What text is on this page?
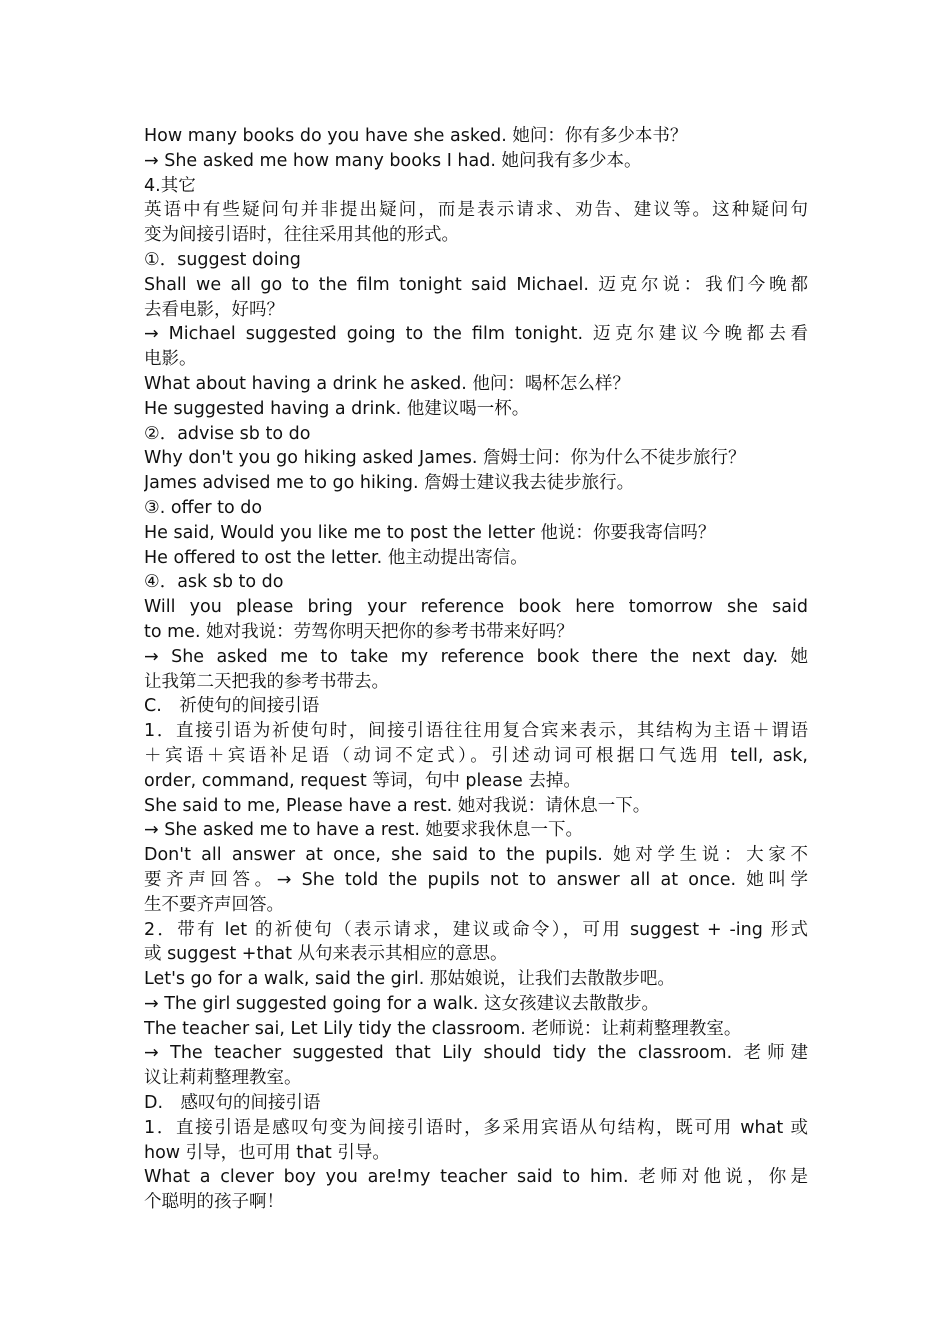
How many books do you have she asked. 她问：你有多少本书？
→ She asked me how many books I had. 她问我有多少本。
4.其它
英语中有些疑问句并非提出疑问，而是表示请求、劝告、建议等。这种疑问句
变为间接引语时，往往采用其他的形式。
①．suggest doing
Shall we all go to the film tonight said Michael. 迈克尔说：我们今晚都
去看电影，好吗？
→ Michael suggested going to the film tonight. 迈克尔建议今晚都去看
电影。
What about having a drink he asked. 他问：喝杯怎么样？
He suggested having a drink. 他建议喝一杯。
②．advise sb to do
Why don't you go hiking asked James. 詹姆士问：你为什么不徒步旅行？
James advised me to go hiking. 詹姆士建议我去徒步旅行。
③. offer to do
He said, Would you like me to post the letter 他说：你要我寄信吗？
He offered to ost the letter. 他主动提出寄信。
④．ask sb to do
Will you please bring your reference book here tomorrow she said
to me. 她对我说：劳驾你明天把你的参考书带来好吗？
→ She asked me to take my reference book there the next day. 她
让我第二天把我的参考书带去。
C.　祈使句的间接引语
1．直接引语为祈使句时，间接引语往往用复合宾来表示，其结构为主语＋谓语
＋宾语＋宾语补足语（动词不定式）。引述动词可根据口气选用 tell, ask,
order, command, request 等词，句中 please 去掉。
She said to me, Please have a rest. 她对我说：请休息一下。
→ She asked me to have a rest. 她要求我休息一下。
Don't all answer at once, she said to the pupils. 她对学生说：大家不
要齐声回答。→ She told the pupils not to answer all at once. 她叫学
生不要齐声回答。
2．带有 let 的祈使句（表示请求，建议或命令），可用 suggest + -ing 形式
或 suggest +that 从句来表示其相应的意思。
Let's go for a walk, said the girl. 那姑娘说，让我们去散散步吧。
→ The girl suggested going for a walk. 这女孩建议去散散步。
The teacher sai, Let Lily tidy the classroom. 老师说：让莉莉整理教室。
→ The teacher suggested that Lily should tidy the classroom. 老师建
议让莉莉整理教室。
D.　感叹句的间接引语
1．直接引语是感叹句变为间接引语时，多采用宾语从句结构，既可用 what 或
how 引导，也可用 that 引导。
What a clever boy you are!my teacher said to him. 老师对他说，你是
个聪明的孩子啊！
